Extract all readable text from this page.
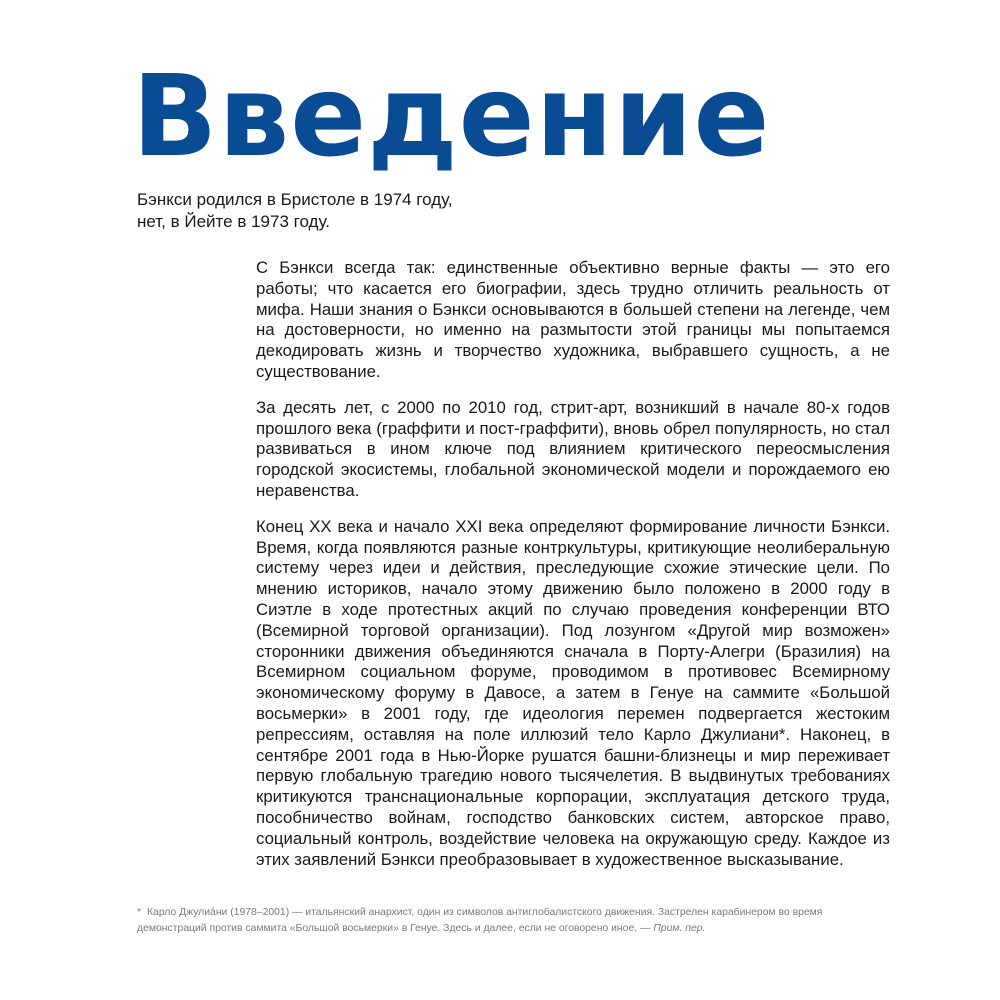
Введение
Бэнкси родился в Бристоле в 1974 году,
нет, в Йейте в 1973 году.

С Бэнкси всегда так: единственные объективно верные факты — это его работы; что касается его биографии, здесь трудно отличить реальность от мифа. Наши знания о Бэнкси основываются в большей степени на легенде, чем на достоверности, но именно на размытости этой границы мы попытаемся декодировать жизнь и творчество художника, выбравшего сущность, а не существование.

За десять лет, с 2000 по 2010 год, стрит-арт, возникший в начале 80-х годов прошлого века (граффити и пост-граффити), вновь обрел популярность, но стал развиваться в ином ключе под влиянием критического переосмысления городской экосистемы, глобальной экономической модели и порождаемого ею неравенства.

Конец XX века и начало XXI века определяют формирование личности Бэнкси. Время, когда появляются разные контркультуры, критикующие неолиберальную систему через идеи и действия, преследующие схожие этические цели. По мнению историков, начало этому движению было положено в 2000 году в Сиэтле в ходе протестных акций по случаю проведения конференции ВТО (Всемирной торговой организации). Под лозунгом «Другой мир возможен» сторонники движения объединяются сначала в Порту-Алегри (Бразилия) на Всемирном социальном форуме, проводимом в противовес Всемирному экономическому форуму в Давосе, а затем в Генуе на саммите «Большой восьмерки» в 2001 году, где идеология перемен подвергается жестоким репрессиям, оставляя на поле иллюзий тело Карло Джулиани*. Наконец, в сентябре 2001 года в Нью-Йорке рушатся башни-близнецы и мир переживает первую глобальную трагедию нового тысячелетия. В выдвинутых требованиях критикуются транснациональные корпорации, эксплуатация детского труда, пособничество войнам, господство банковских систем, авторское право, социальный контроль, воздействие человека на окружающую среду. Каждое из этих заявлений Бэнкси преобразовывает в художественное высказывание.

* Карло Джулиáни (1978–2001) — итальянский анархист, один из символов антиглобалистского движения. Застрелен карабинером во время демонстраций против саммита «Большой восьмерки» в Генуе. Здесь и далее, если не оговорено иное, — Прим. пер.
